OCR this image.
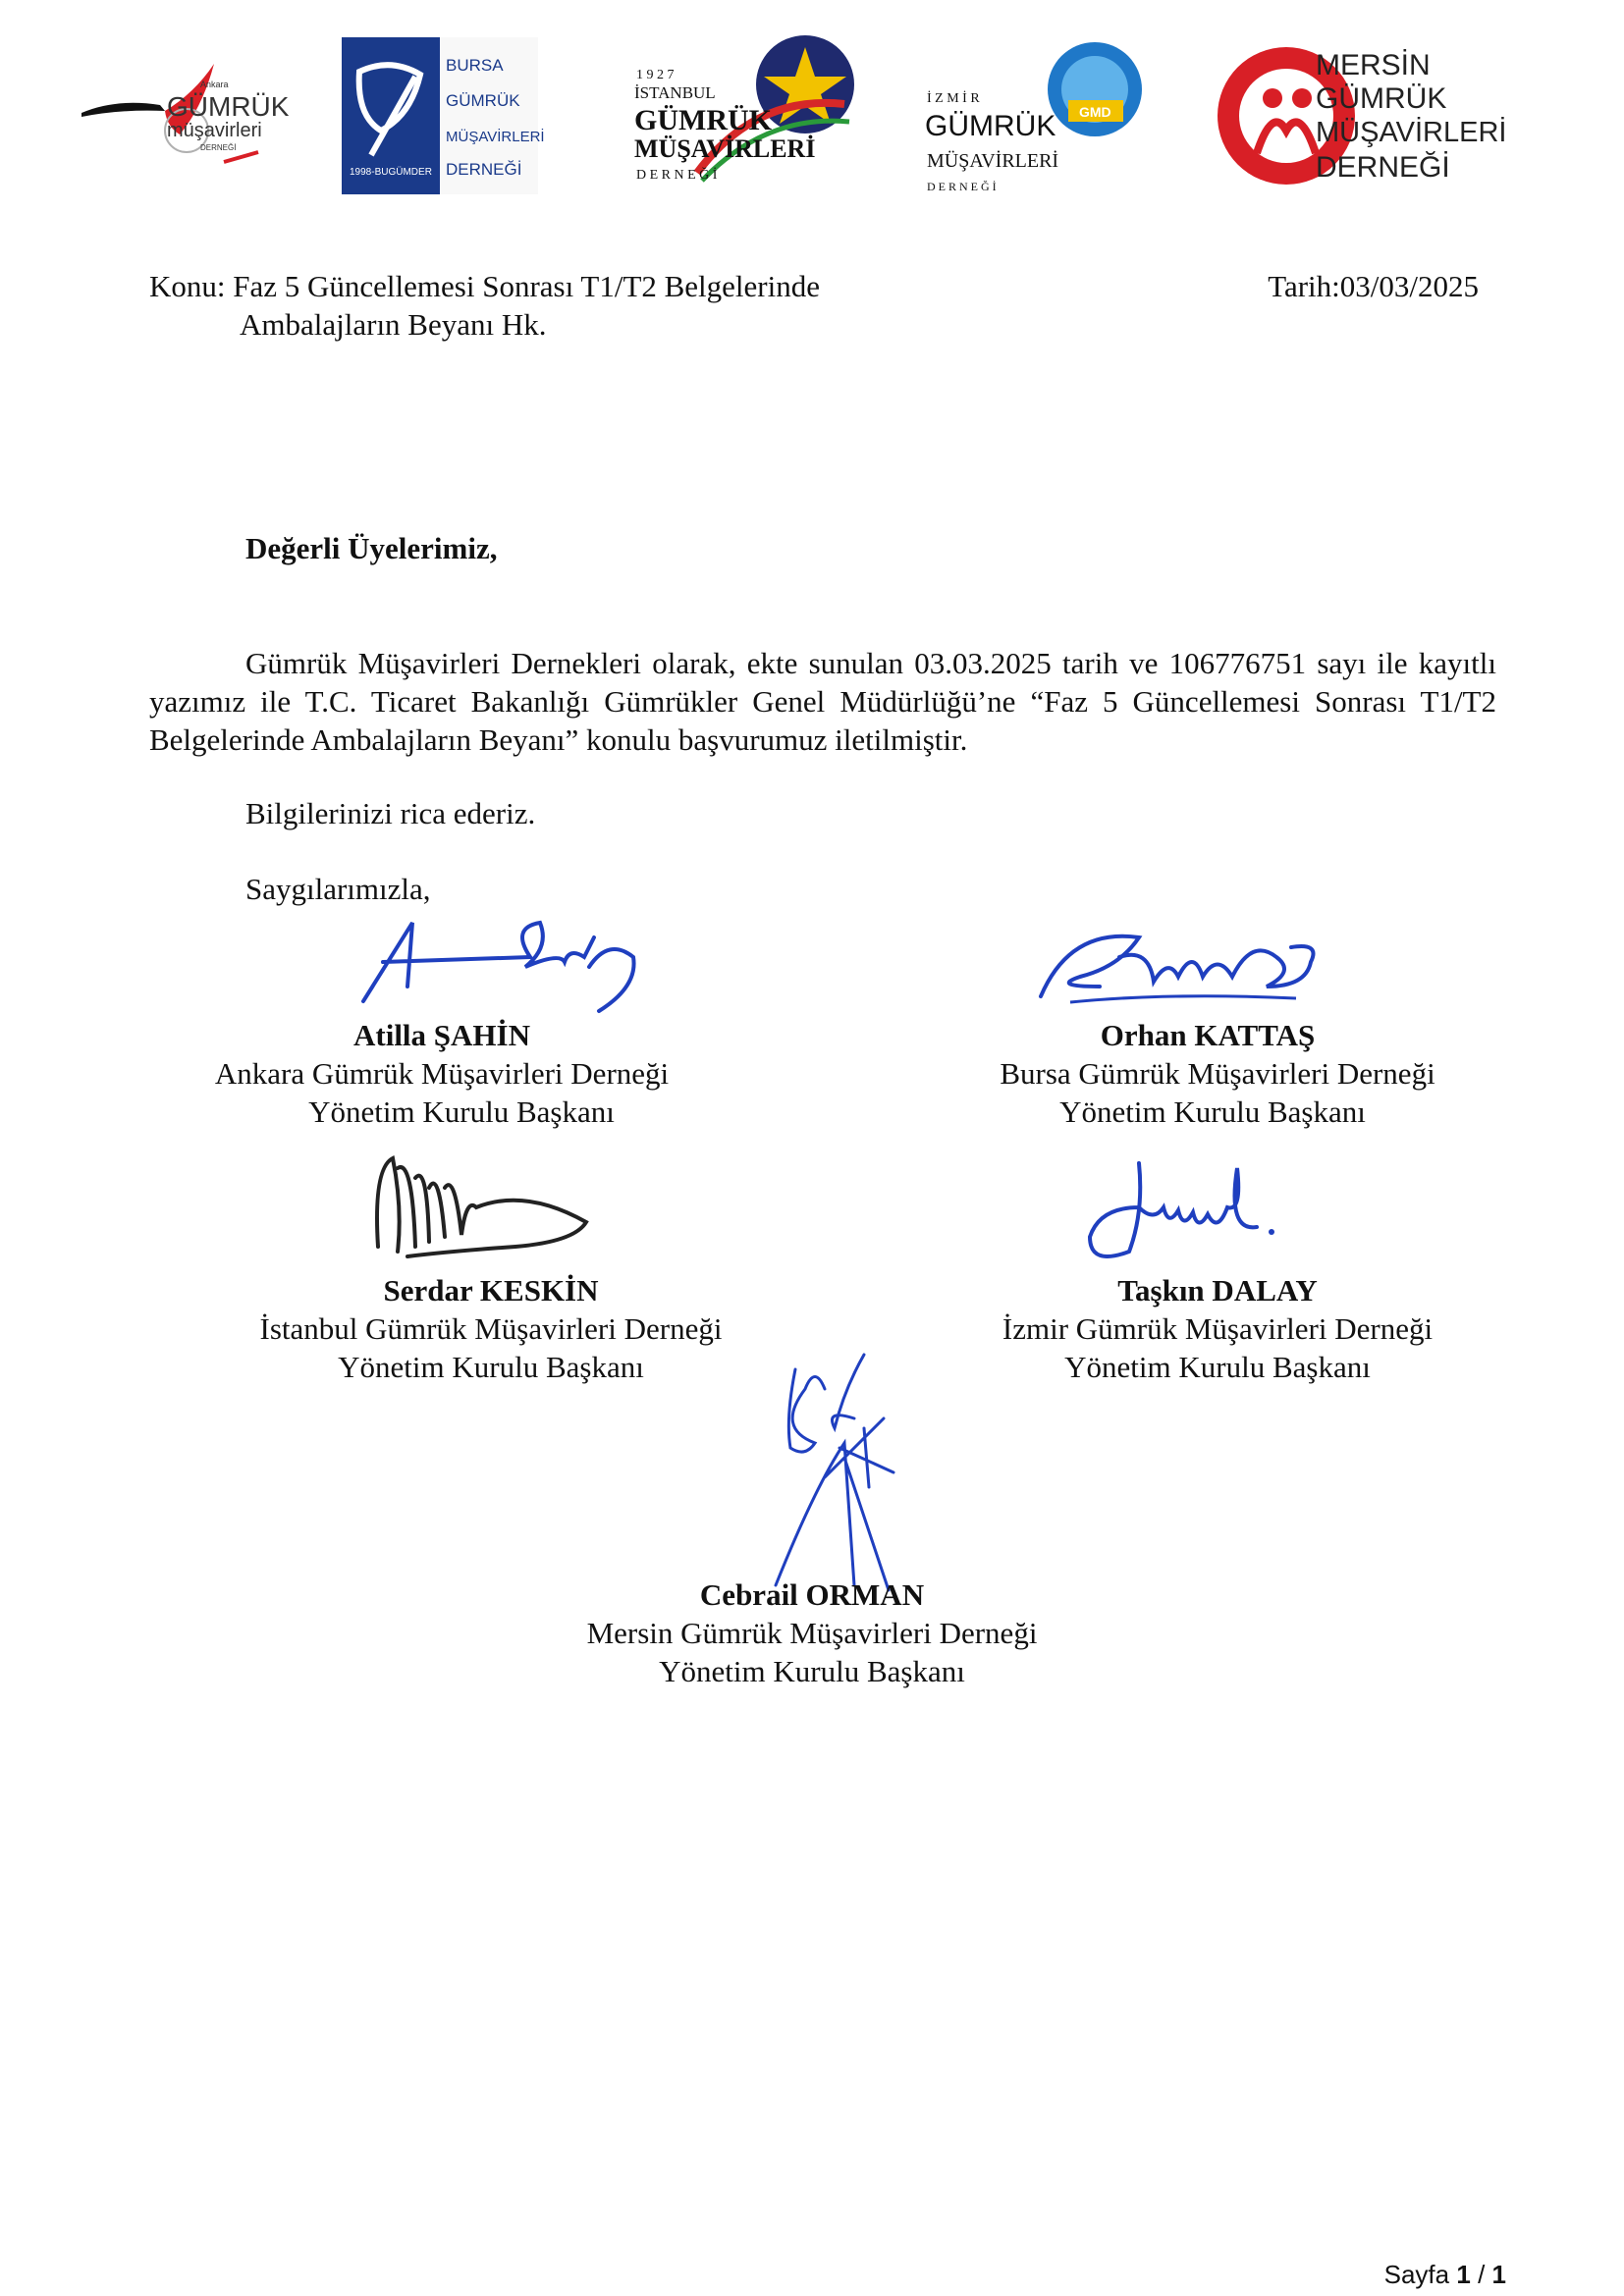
Ankara
GÜMRÜK
müşavirleri
DERNEĞİ
1998-BUGÜMDER
BURSA
GÜMRÜK
MÜŞAVİRLERİ
DERNEĞİ
1 9 2 7
İSTANBUL
GÜMRÜK
MÜŞAVİRLERİ
D E R N E Ğ İ
GMD
İ Z M İ R
GÜMRÜK
MÜŞAVİRLERİ
D E R N E Ğ İ
MERSİN
GÜMRÜK
MÜŞAVİRLERİ
DERNEĞİ
Konu: Faz 5 Güncellemesi Sonrası T1/T2 Belgelerinde
Ambalajların Beyanı Hk.
Tarih:03/03/2025
Değerli Üyelerimiz,
Gümrük Müşavirleri Dernekleri olarak, ekte sunulan 03.03.2025 tarih ve 106776751 sayı ile kayıtlı yazımız ile T.C. Ticaret Bakanlığı Gümrükler Genel Müdürlüğü’ne “Faz 5 Güncellemesi Sonrası T1/T2 Belgelerinde Ambalajların Beyanı” konulu başvurumuz iletilmiştir.
Bilgilerinizi rica ederiz.
Saygılarımızla,
Atilla ŞAHİN
Ankara Gümrük Müşavirleri Derneği
Yönetim Kurulu Başkanı
Orhan KATTAŞ
Bursa Gümrük Müşavirleri Derneği
Yönetim Kurulu Başkanı
Serdar KESKİN
İstanbul Gümrük Müşavirleri Derneği
Yönetim Kurulu Başkanı
Taşkın DALAY
İzmir Gümrük Müşavirleri Derneği
Yönetim Kurulu Başkanı
Cebrail ORMAN
Mersin Gümrük Müşavirleri Derneği
Yönetim Kurulu Başkanı
Sayfa 1 / 1
